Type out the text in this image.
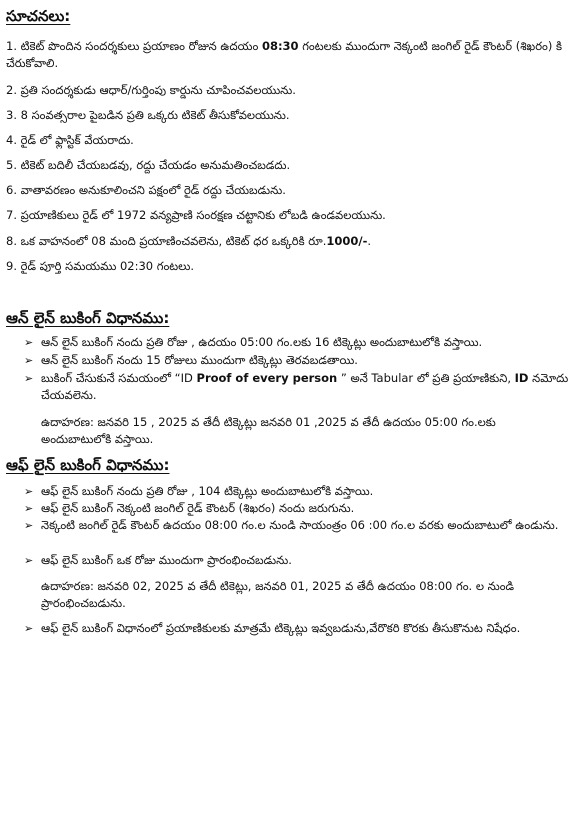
సూచనలు:
1. టికెట్ పొందిన సందర్శకులు ప్రయాణం రోజున ఉదయం 08:30 గంటలకు ముందుగా నెక్కంటి జంగిల్ రైడ్ కౌంటర్ (శిఖరం) కి చేరుకోవాలి.
2. ప్రతి సందర్శకుడు ఆధార్/గుర్తింపు కార్డును చూపించవలయును.
3. 8 సంవత్సరాల పైబడిన ప్రతి ఒక్కరు టికెట్ తీసుకోవలయును.
4. రైడ్ లో ఫ్లాస్టిక్ వేయరాదు.
5. టికెట్ బదిలీ చేయబడవు, రద్దు చేయడం అనుమతించబడదు.
6. వాతావరణం అనుకూలించని పక్షంలో రైడ్ రద్దు చేయబడును.
7. ప్రయాణికులు రైడ్ లో 1972 వన్యప్రాణి సంరక్షణ చట్టానికు లోబడి ఉండవలయును.
8. ఒక వాహనంలో 08 మంది ప్రయాణించవలెను, టికెట్ ధర ఒక్కరికి రూ.1000/-.
9. రైడ్ పూర్తి సమయము 02:30 గంటలు.
ఆన్ లైన్ బుకింగ్ విధానము:
➢ ఆన్ లైన్ బుకింగ్ నందు ప్రతి రోజు , ఉదయం 05:00 గం.లకు 16 టిక్కెట్లు అందుబాటులోకి వస్తాయి.
➢ ఆన్ లైన్ బుకింగ్ నందు 15 రోజులు ముందుగా టిక్కెట్లు తెరవబడతాయి.
➢ బుకింగ్ చేసుకునే సమయంలో “ID Proof of every person ” అనే Tabular లో ప్రతి ప్రయాణికుని, ID నమోదు చేయవలెను.
ఉదాహరణ: జనవరి 15 , 2025 వ తేదీ టిక్కెట్లు జనవరి 01 ,2025 వ తేదీ ఉదయం 05:00 గం.లకు అందుబాటులోకి వస్తాయి.
ఆఫ్ లైన్ బుకింగ్ విధానము:
➢ ఆఫ్ లైన్ బుకింగ్ నందు ప్రతి రోజు , 104 టిక్కెట్లు అందుబాటులోకి వస్తాయి.
➢ ఆఫ్ లైన్ బుకింగ్ నెక్కంటి జంగిల్ రైడ్ కౌంటర్ (శిఖరం) నందు జరుగును.
➢ నెక్కంటి జంగిల్ రైడ్ కౌంటర్ ఉదయం 08:00 గం.ల నుండి సాయంత్రం 06 :00 గం.ల వరకు అందుబాటులో ఉండును.
➢ ఆఫ్ లైన్ బుకింగ్ ఒక రోజు ముందుగా ప్రారంభించబడును.
ఉదాహరణ: జనవరి 02, 2025 వ తేదీ టికెట్లు, జనవరి 01, 2025 వ తేదీ ఉదయం 08:00 గం. ల నుండి ప్రారంభించబడును.
➢ ఆఫ్ లైన్ బుకింగ్ విధానంలో ప్రయాణికులకు మాత్రమే టిక్కెట్లు ఇవ్వబడును,వేరొకరి కొరకు తీసుకొనుట నిషేధం.
